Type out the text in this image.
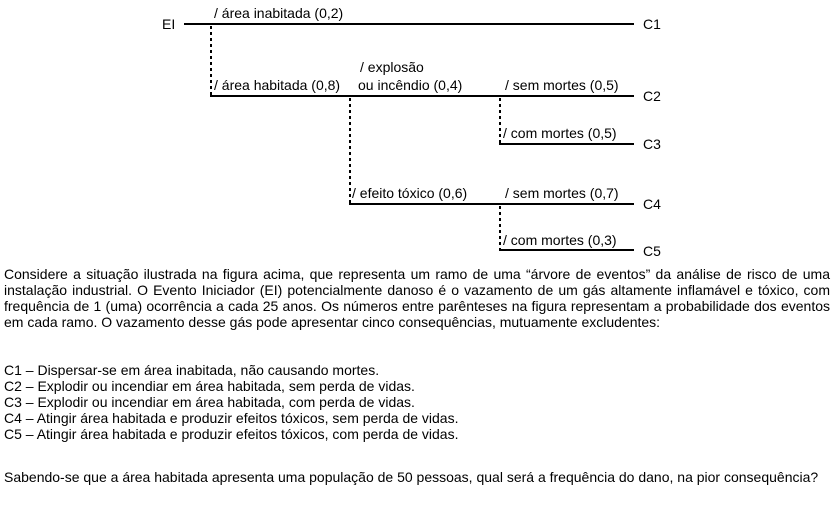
EI
/ área inabitada (0,2)
C1
/ área habitada (0,8)
/ explosão
ou incêndio (0,4)	/ sem mortes (0,5)
C2
/ com mortes (0,5)
C3
/ efeito tóxico (0,6)	/ sem mortes (0,7)
C4
/ com mortes (0,3)
C5

Considere a situação ilustrada na figura acima, que representa um ramo de uma “árvore de eventos” da análise de risco de uma instalação industrial. O Evento Iniciador (EI) potencialmente danoso é o vazamento de um gás altamente inflamável e tóxico, com frequência de 1 (uma) ocorrência a cada 25 anos. Os números entre parênteses na figura representam a probabilidade dos eventos em cada ramo. O vazamento desse gás pode apresentar cinco consequências, mutuamente excludentes:

C1 – Dispersar-se em área inabitada, não causando mortes.
C2 – Explodir ou incendiar em área habitada, sem perda de vidas.
C3 – Explodir ou incendiar em área habitada, com perda de vidas.
C4 – Atingir área habitada e produzir efeitos tóxicos, sem perda de vidas.
C5 – Atingir área habitada e produzir efeitos tóxicos, com perda de vidas.

Sabendo-se que a área habitada apresenta uma população de 50 pessoas, qual será a frequência do dano, na pior consequência?
